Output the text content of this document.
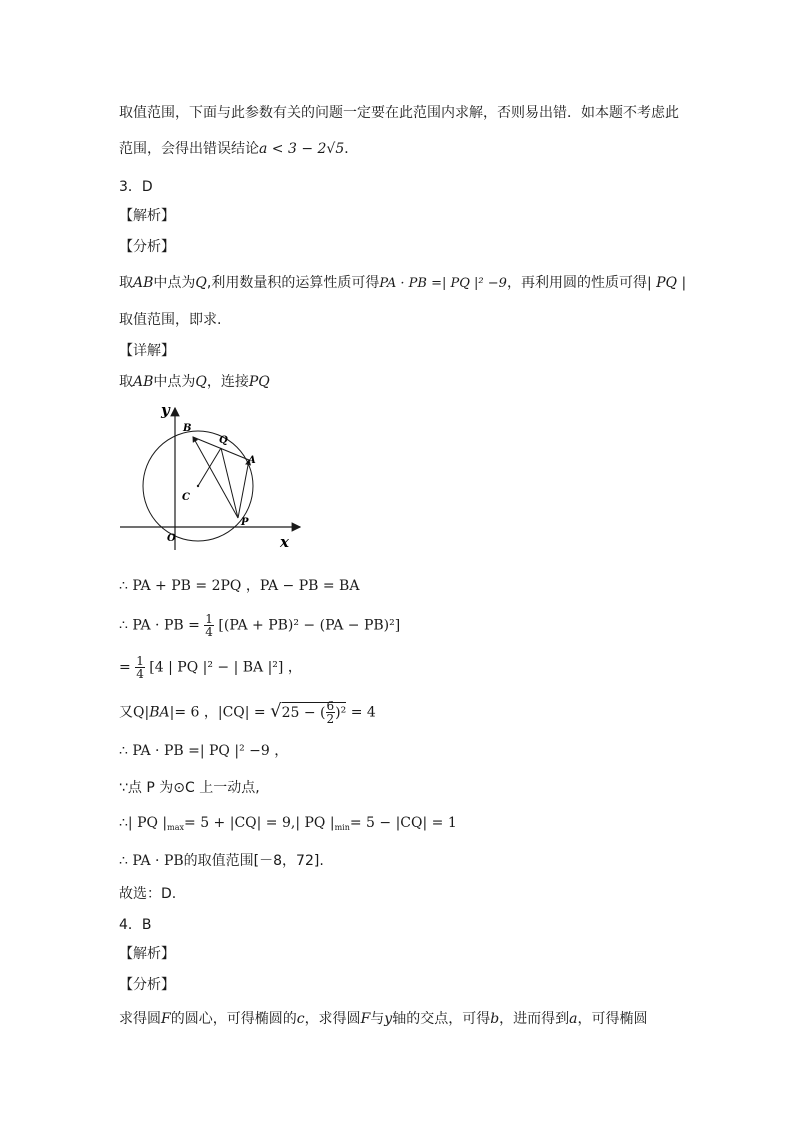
取值范围，下面与此参数有关的问题一定要在此范围内求解，否则易出错．如本题不考虑此
范围，会得出错误结论a < 3 − 2√5．
3．D
【解析】
【分析】
取AB中点为Q,利用数量积的运算性质可得PA · PB =| PQ |² −9，再利用圆的性质可得| PQ |
取值范围，即求.
【详解】
取AB中点为Q，连接PQ
y
x
O
B
Q
A
C
P
∴ PA + PB = 2PQ ，PA − PB = BA
∴ PA · PB = $\frac{1}{4} [(PA + PB)^2 - (PA - PB)^2]$
= $\frac{1}{4} [4$ | PQ |² − | BA |²] ，
又Q|BA|= 6 ，|CQ| = √25 − ( $\frac{6}{2} )^2 = 4$
∴ PA · PB =| PQ |² −9 ，
∵点 P 为⊙C 上一动点,
∴| PQ $|_{max}= 5 + |CQ| = 9,|$ PQ $|_{min}= 5 - |CQ| = 1$
∴ PA · PB的取值范围[－8，72].
故选：D.
4．B
【解析】
【分析】
求得圆F的圆心，可得椭圆的c，求得圆F与y轴的交点，可得b，进而得到a，可得椭圆
